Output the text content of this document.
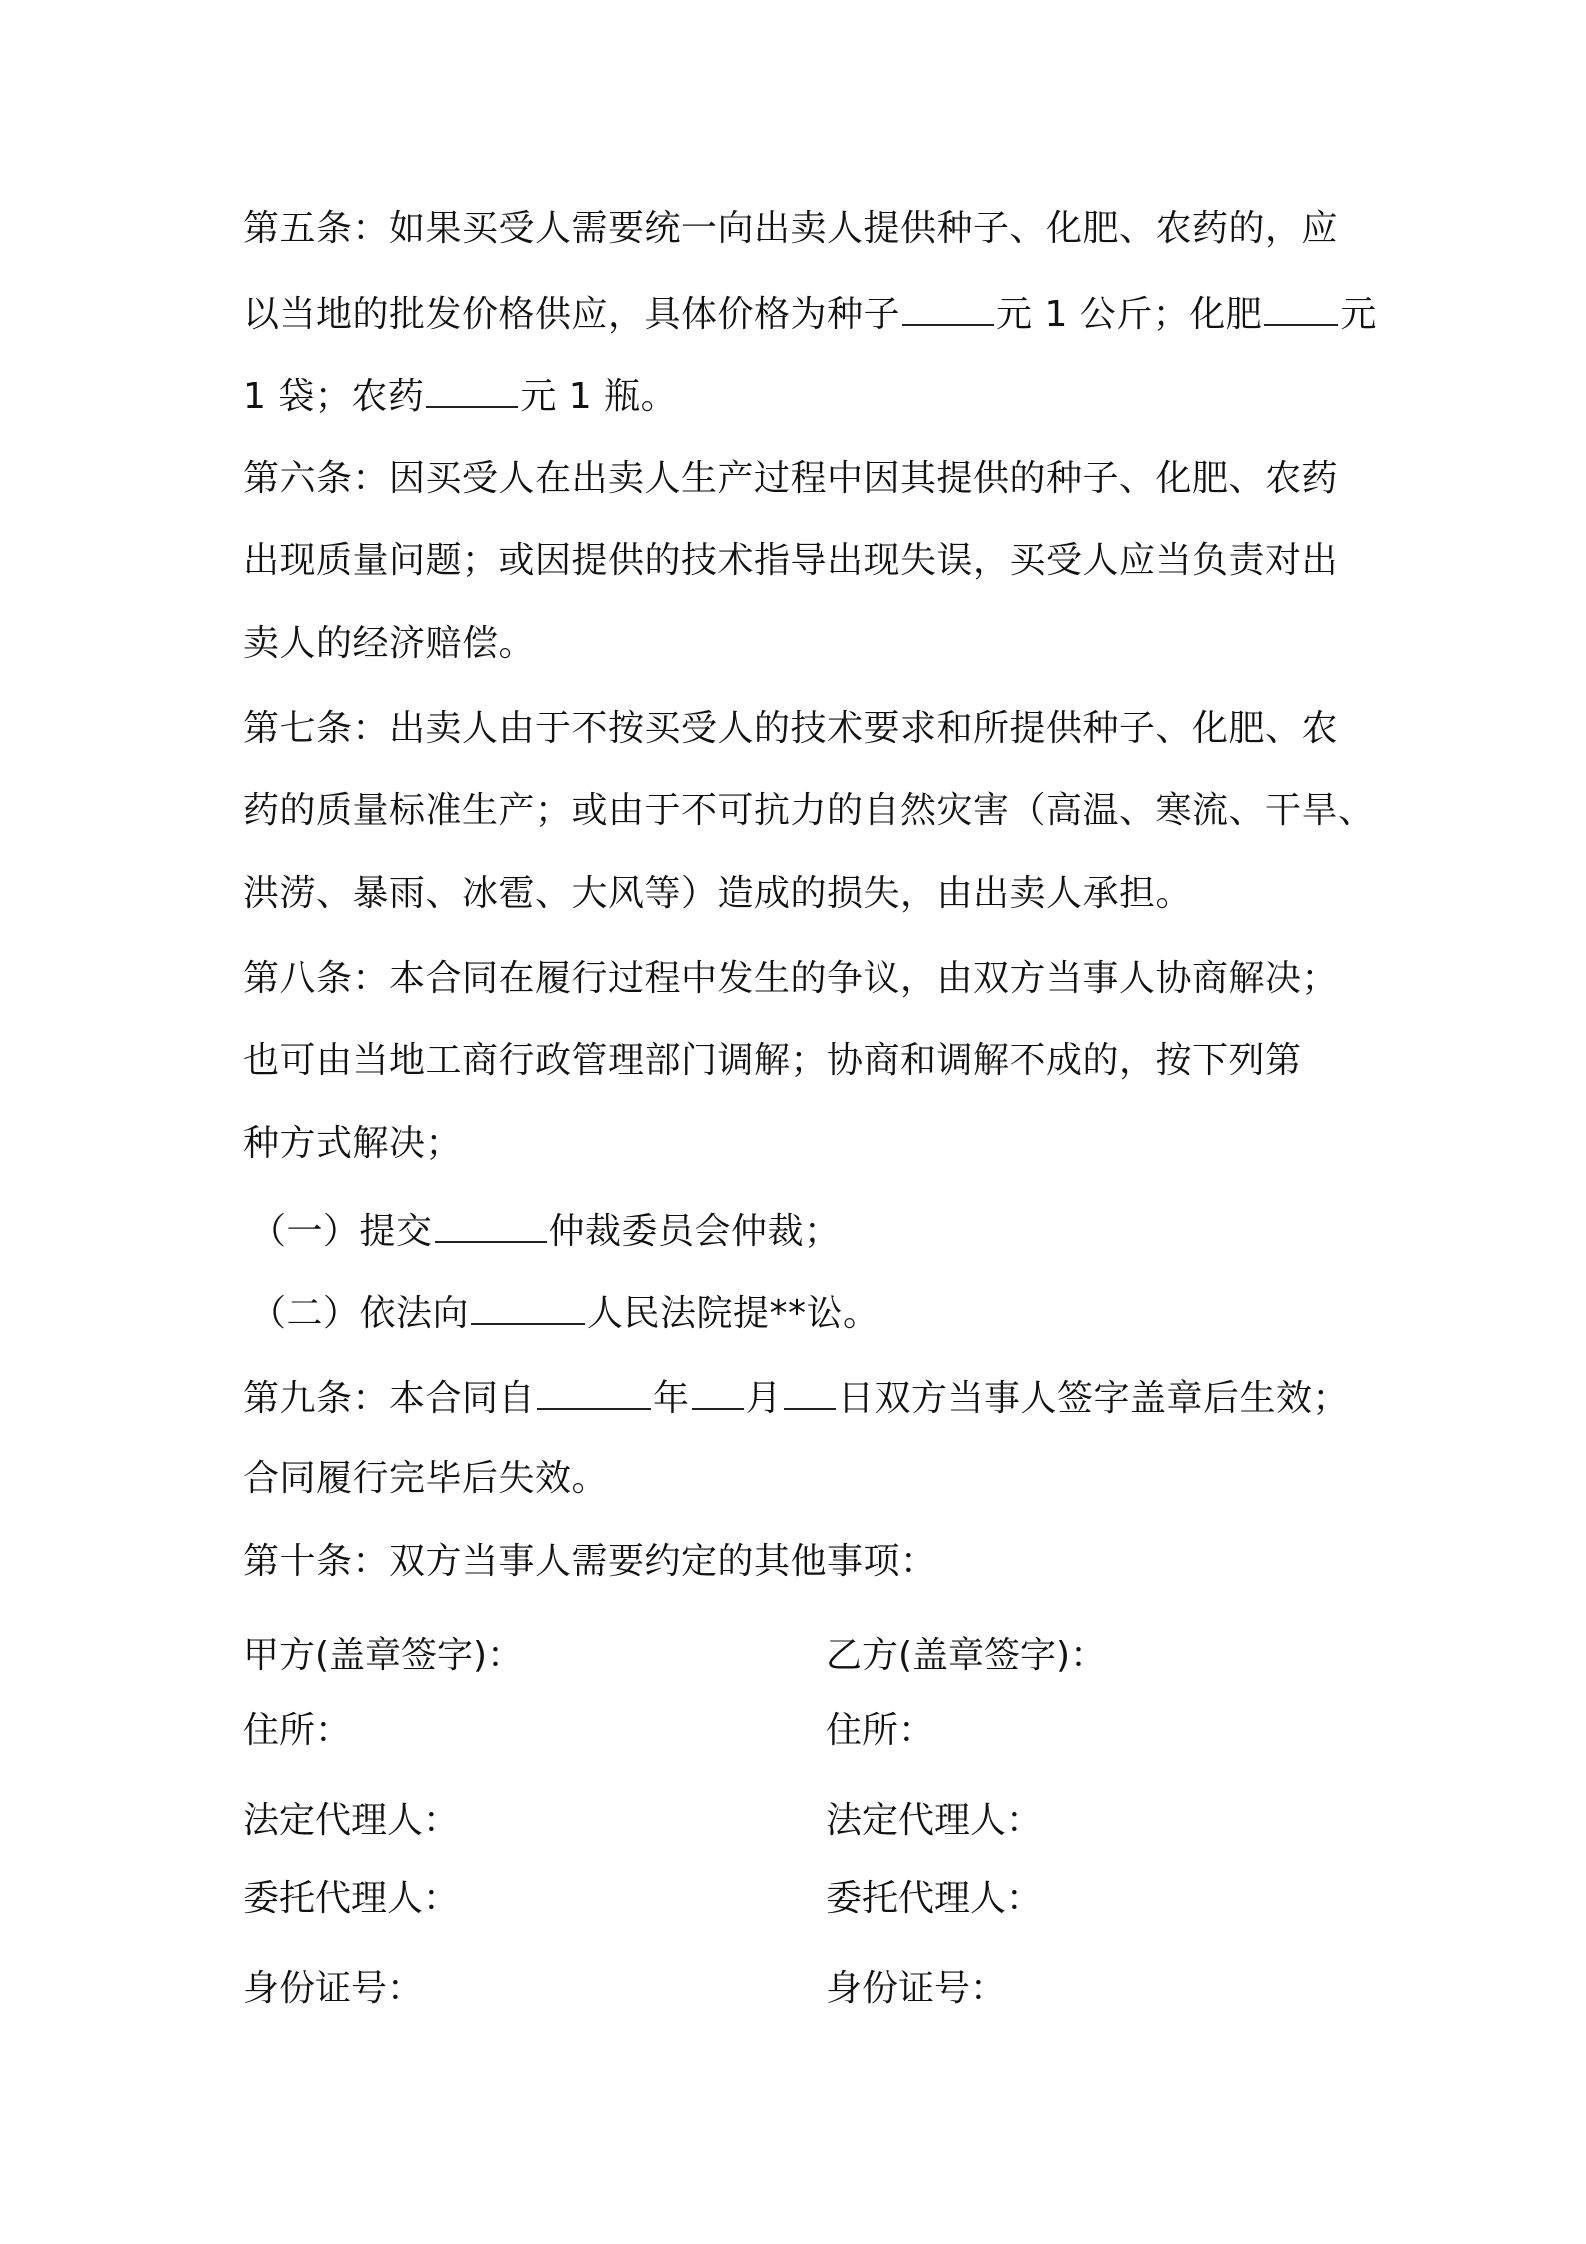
第五条：如果买受人需要统一向出卖人提供种子、化肥、农药的，应
以当地的批发价格供应，具体价格为种子	元 1 公斤；化肥 元
1 袋；农药	元 1 瓶。
第六条：因买受人在出卖人生产过程中因其提供的种子、化肥、农药
出现质量问题；或因提供的技术指导出现失误，买受人应当负责对出
卖人的经济赔偿。
第七条：出卖人由于不按买受人的技术要求和所提供种子、化肥、农
药的质量标准生产；或由于不可抗力的自然灾害（高温、寒流、干旱、
洪涝、暴雨、冰雹、大风等）造成的损失，由出卖人承担。
第八条：本合同在履行过程中发生的争议，由双方当事人协商解决；
也可由当地工商行政管理部门调解；协商和调解不成的，按下列第
种方式解决；
（一）提交	仲裁委员会仲裁；
（二）依法向	人民法院提**讼。
第九条：本合同自	年 月 日双方当事人签字盖章后生效；
合同履行完毕后失效。
第十条：双方当事人需要约定的其他事项：
甲方(盖章签字)：	乙方(盖章签字)：
住所：	住所：
法定代理人：	法定代理人：
委托代理人：	委托代理人：
身份证号：	身份证号：
